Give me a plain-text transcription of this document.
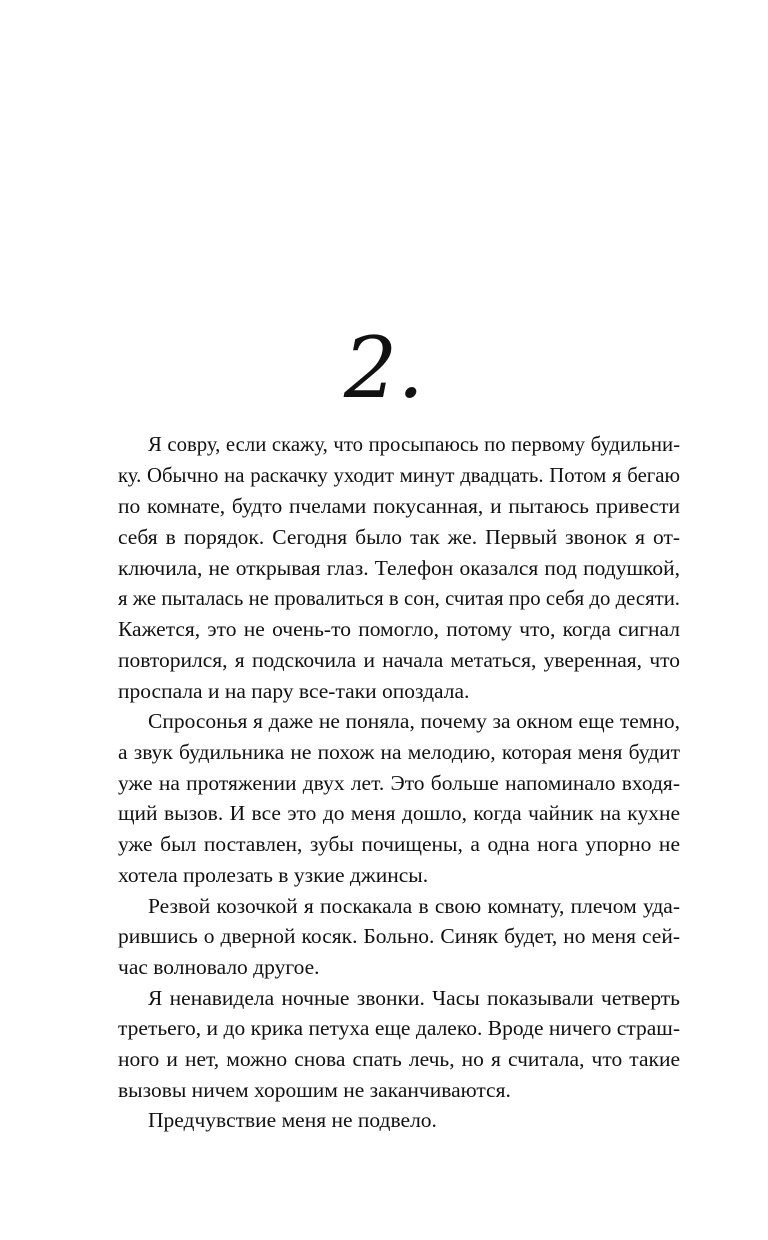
2.

Я совру, если скажу, что просыпаюсь по первому будильни-
ку. Обычно на раскачку уходит минут двадцать. Потом я бегаю
по комнате, будто пчелами покусанная, и пытаюсь привести
себя в порядок. Сегодня было так же. Первый звонок я от-
ключила, не открывая глаз. Телефон оказался под подушкой,
я же пыталась не провалиться в сон, считая про себя до десяти.
Кажется, это не очень-то помогло, потому что, когда сигнал
повторился, я подскочила и начала метаться, уверенная, что
проспала и на пару все-таки опоздала.

Спросонья я даже не поняла, почему за окном еще темно,
а звук будильника не похож на мелодию, которая меня будит
уже на протяжении двух лет. Это больше напоминало входя-
щий вызов. И все это до меня дошло, когда чайник на кухне
уже был поставлен, зубы почищены, а одна нога упорно не
хотела пролезать в узкие джинсы.

Резвой козочкой я поскакала в свою комнату, плечом уда-
рившись о дверной косяк. Больно. Синяк будет, но меня сей-
час волновало другое.

Я ненавидела ночные звонки. Часы показывали четверть
третьего, и до крика петуха еще далеко. Вроде ничего страш-
ного и нет, можно снова спать лечь, но я считала, что такие
вызовы ничем хорошим не заканчиваются.

Предчувствие меня не подвело.
